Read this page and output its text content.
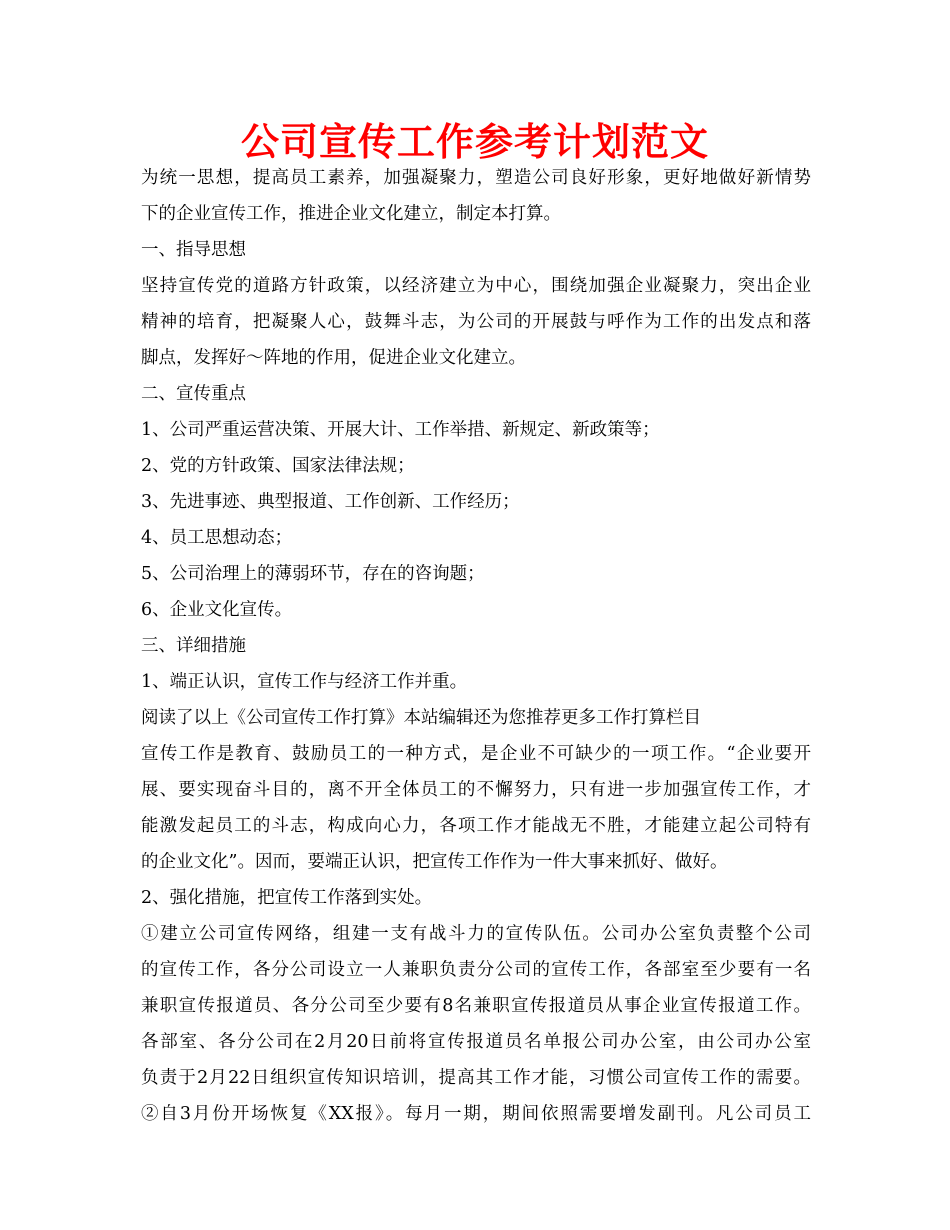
公司宣传工作参考计划范文
为统一思想，提高员工素养，加强凝聚力，塑造公司良好形象，更好地做好新情势
下的企业宣传工作，推进企业文化建立，制定本打算。
一、指导思想
坚持宣传党的道路方针政策，以经济建立为中心，围绕加强企业凝聚力，突出企业
精神的培育，把凝聚人心，鼓舞斗志，为公司的开展鼓与呼作为工作的出发点和落
脚点，发挥好～阵地的作用，促进企业文化建立。
二、宣传重点
1、公司严重运营决策、开展大计、工作举措、新规定、新政策等；
2、党的方针政策、国家法律法规；
3、先进事迹、典型报道、工作创新、工作经历；
4、员工思想动态；
5、公司治理上的薄弱环节，存在的咨询题；
6、企业文化宣传。
三、详细措施
1、端正认识，宣传工作与经济工作并重。
阅读了以上《公司宣传工作打算》本站编辑还为您推荐更多工作打算栏目
宣传工作是教育、鼓励员工的一种方式，是企业不可缺少的一项工作。“企业要开
展、要实现奋斗目的，离不开全体员工的不懈努力，只有进一步加强宣传工作，才
能激发起员工的斗志，构成向心力，各项工作才能战无不胜，才能建立起公司特有
的企业文化”。因而，要端正认识，把宣传工作作为一件大事来抓好、做好。
2、强化措施，把宣传工作落到实处。
①建立公司宣传网络，组建一支有战斗力的宣传队伍。公司办公室负责整个公司
的宣传工作，各分公司设立一人兼职负责分公司的宣传工作，各部室至少要有一名
兼职宣传报道员、各分公司至少要有8名兼职宣传报道员从事企业宣传报道工作。
各部室、各分公司在2月20日前将宣传报道员名单报公司办公室，由公司办公室
负责于2月22日组织宣传知识培训，提高其工作才能，习惯公司宣传工作的需要。
②自3月份开场恢复《XX报》。每月一期，期间依照需要增发副刊。凡公司员工
